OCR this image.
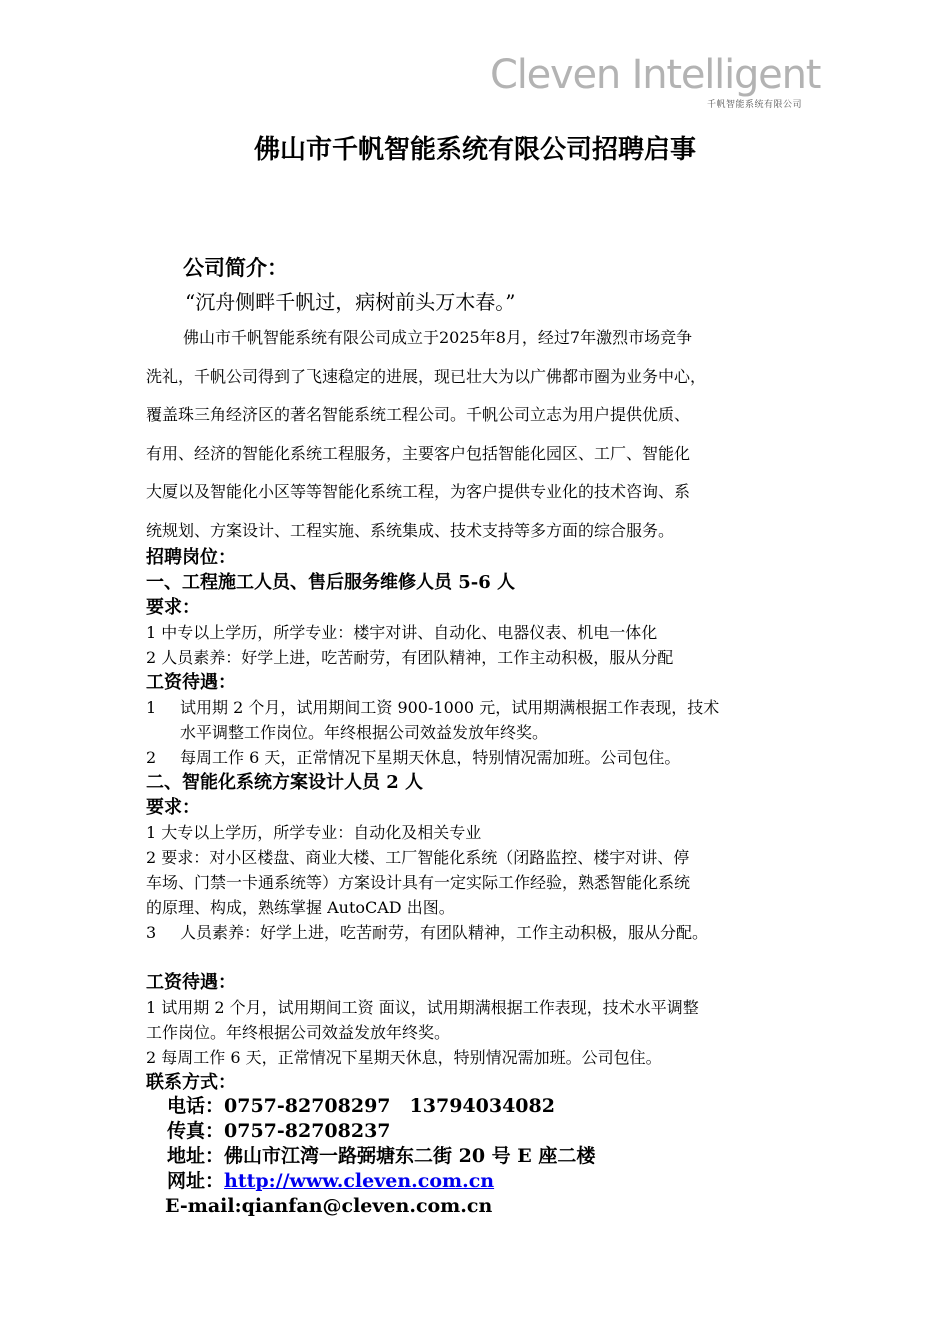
Cleven Intelligent
千帆智能系统有限公司
佛山市千帆智能系统有限公司招聘启事
公司简介：
“沉舟侧畔千帆过，病树前头万木春。”

佛山市千帆智能系统有限公司成立于2025年8月，经过7年激烈市场竞争

洗礼，千帆公司得到了飞速稳定的进展，现已壮大为以广佛都市圈为业务中心，

覆盖珠三角经济区的著名智能系统工程公司。千帆公司立志为用户提供优质、

有用、经济的智能化系统工程服务，主要客户包括智能化园区、工厂、智能化

大厦以及智能化小区等等智能化系统工程，为客户提供专业化的技术咨询、系

统规划、方案设计、工程实施、系统集成、技术支持等多方面的综合服务。

招聘岗位：
一、工程施工人员、售后服务维修人员 5-6 人
要求：
1 中专以上学历，所学专业：楼宇对讲、自动化、电器仪表、机电一体化
2 人员素养：好学上进，吃苦耐劳，有团队精神，工作主动积极，服从分配
工资待遇：
1	试用期 2 个月，试用期间工资 900-1000 元，试用期满根据工作表现，技术
水平调整工作岗位。年终根据公司效益发放年终奖。
2	每周工作 6 天，正常情况下星期天休息，特别情况需加班。公司包住。
二、智能化系统方案设计人员 2 人
要求：
1 大专以上学历，所学专业：自动化及相关专业
2 要求：对小区楼盘、商业大楼、工厂智能化系统（闭路监控、楼宇对讲、停
车场、门禁一卡通系统等）方案设计具有一定实际工作经验，熟悉智能化系统
的原理、构成，熟练掌握 AutoCAD 出图。
3	人员素养：好学上进，吃苦耐劳，有团队精神，工作主动积极，服从分配。
工资待遇：
1 试用期 2 个月，试用期间工资 面议，试用期满根据工作表现，技术水平调整
工作岗位。年终根据公司效益发放年终奖。
2 每周工作 6 天，正常情况下星期天休息，特别情况需加班。公司包住。
联系方式：
电话：0757-82708297　13794034082
传真：0757-82708237
地址：佛山市江湾一路弼塘东二街 20 号 E 座二楼
网址：http://www.cleven.com.cn
E-mail:qianfan@cleven.com.cn
